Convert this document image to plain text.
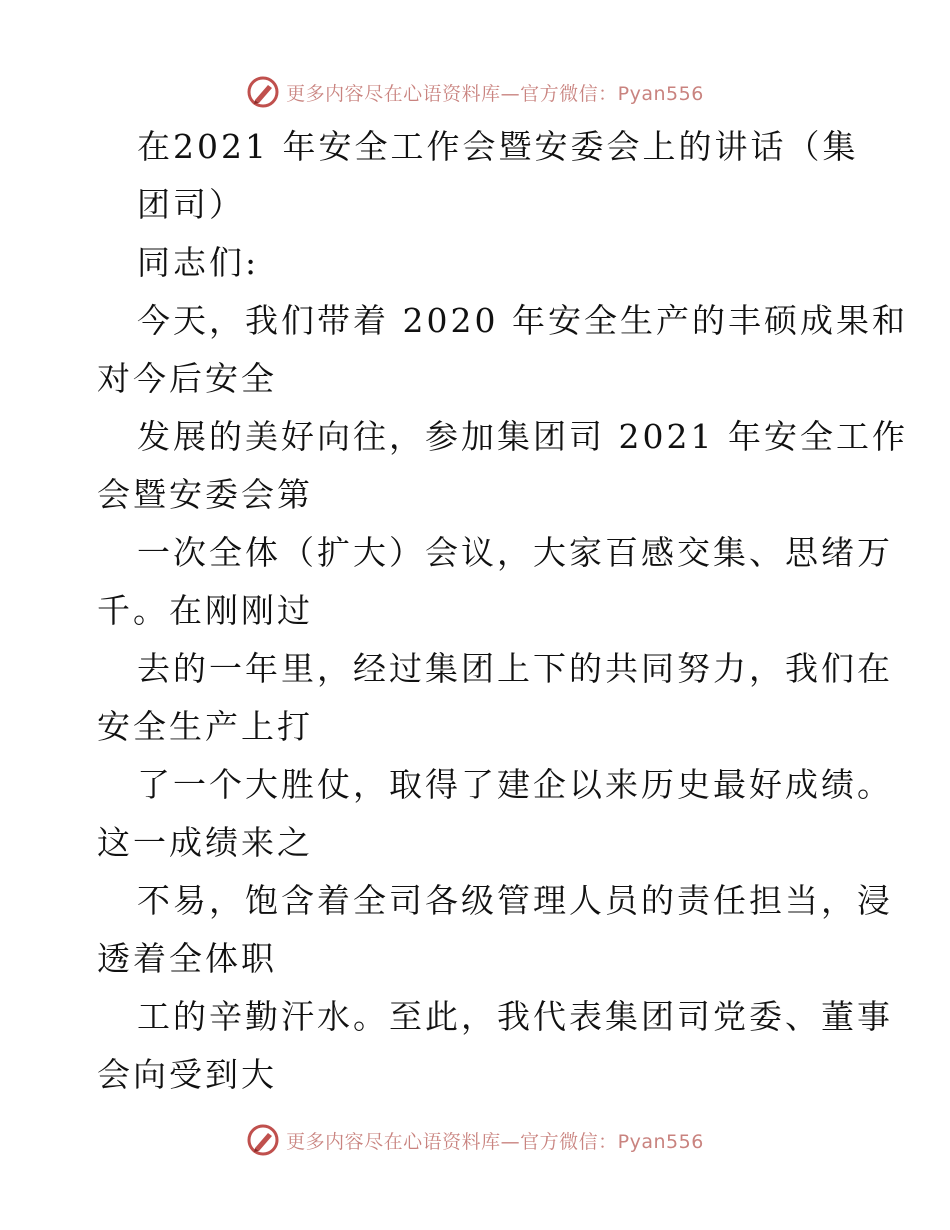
更多内容尽在心语资料库—官方微信：Pyan556
在2021 年安全工作会暨安委会上的讲话（集
团司）
同志们:
今天，我们带着 2020 年安全生产的丰硕成果和
对今后安全
发展的美好向往，参加集团司 2021 年安全工作
会暨安委会第
一次全体（扩大）会议，大家百感交集、思绪万
千。在刚刚过
去的一年里，经过集团上下的共同努力，我们在
安全生产上打
了一个大胜仗，取得了建企以来历史最好成绩。
这一成绩来之
不易，饱含着全司各级管理人员的责任担当，浸
透着全体职
工的辛勤汗水。至此，我代表集团司党委、董事
会向受到大
更多内容尽在心语资料库—官方微信：Pyan556
